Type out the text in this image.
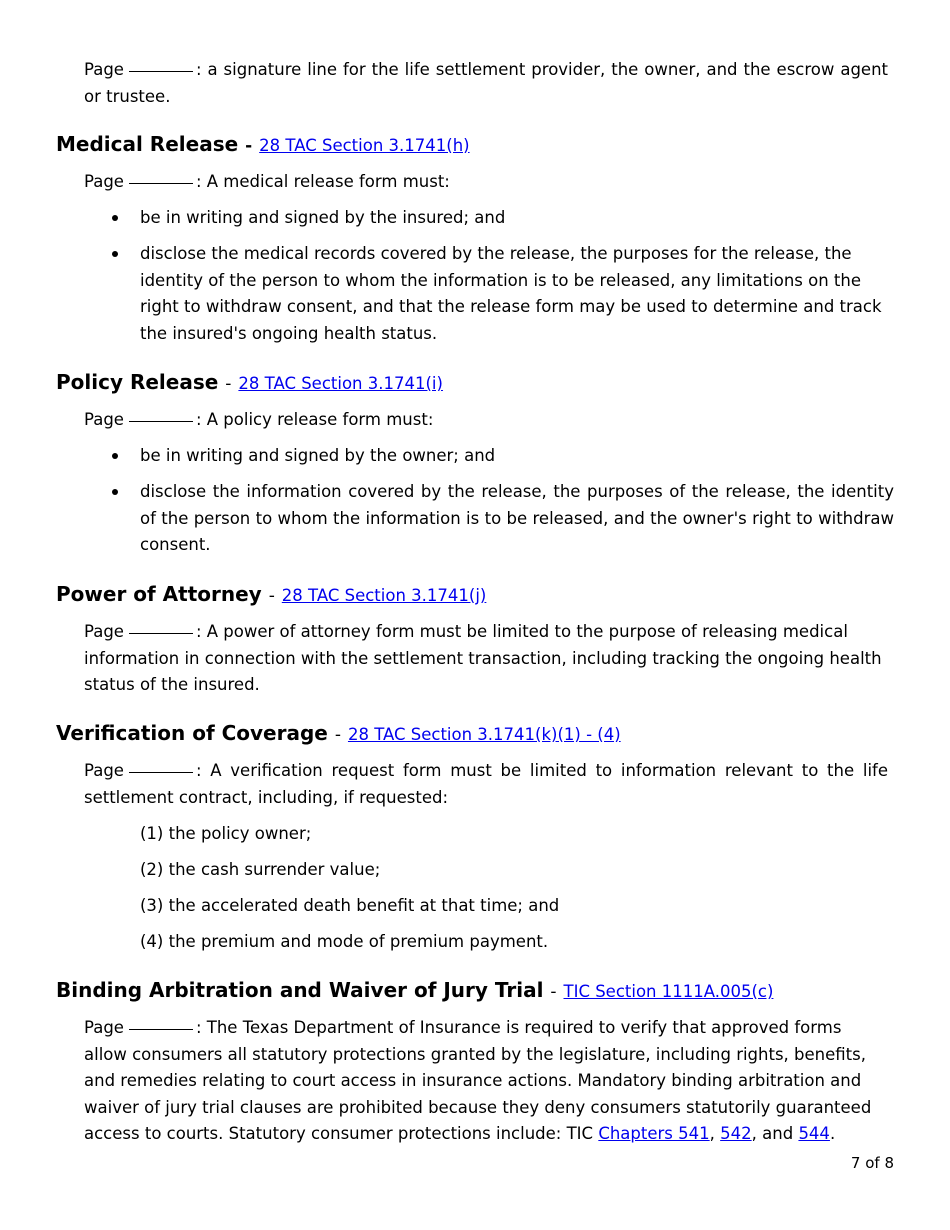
Page	: a signature line for the life settlement provider, the owner, and the escrow agent or trustee.

Medical Release - 28 TAC Section 3.1741(h)

Page	: A medical release form must:

be in writing and signed by the insured; and

disclose the medical records covered by the release, the purposes for the release, the identity of the person to whom the information is to be released, any limitations on the right to withdraw consent, and that the release form may be used to determine and track the insured's ongoing health status.

Policy Release - 28 TAC Section 3.1741(i)

Page	: A policy release form must:

be in writing and signed by the owner; and

disclose the information covered by the release, the purposes of the release, the identity of the person to whom the information is to be released, and the owner's right to withdraw consent.

Power of Attorney - 28 TAC Section 3.1741(j)

Page	: A power of attorney form must be limited to the purpose of releasing medical information in connection with the settlement transaction, including tracking the ongoing health status of the insured.

Verification of Coverage - 28 TAC Section 3.1741(k)(1) - (4)

Page	: A verification request form must be limited to information relevant to the life settlement contract, including, if requested:

(1) the policy owner;

(2) the cash surrender value;

(3) the accelerated death benefit at that time; and

(4) the premium and mode of premium payment.

Binding Arbitration and Waiver of Jury Trial - TIC Section 1111A.005(c)

Page	: The Texas Department of Insurance is required to verify that approved forms allow consumers all statutory protections granted by the legislature, including rights, benefits, and remedies relating to court access in insurance actions. Mandatory binding arbitration and waiver of jury trial clauses are prohibited because they deny consumers statutorily guaranteed access to courts. Statutory consumer protections include: TIC Chapters 541, 542, and 544.

7 of 8
